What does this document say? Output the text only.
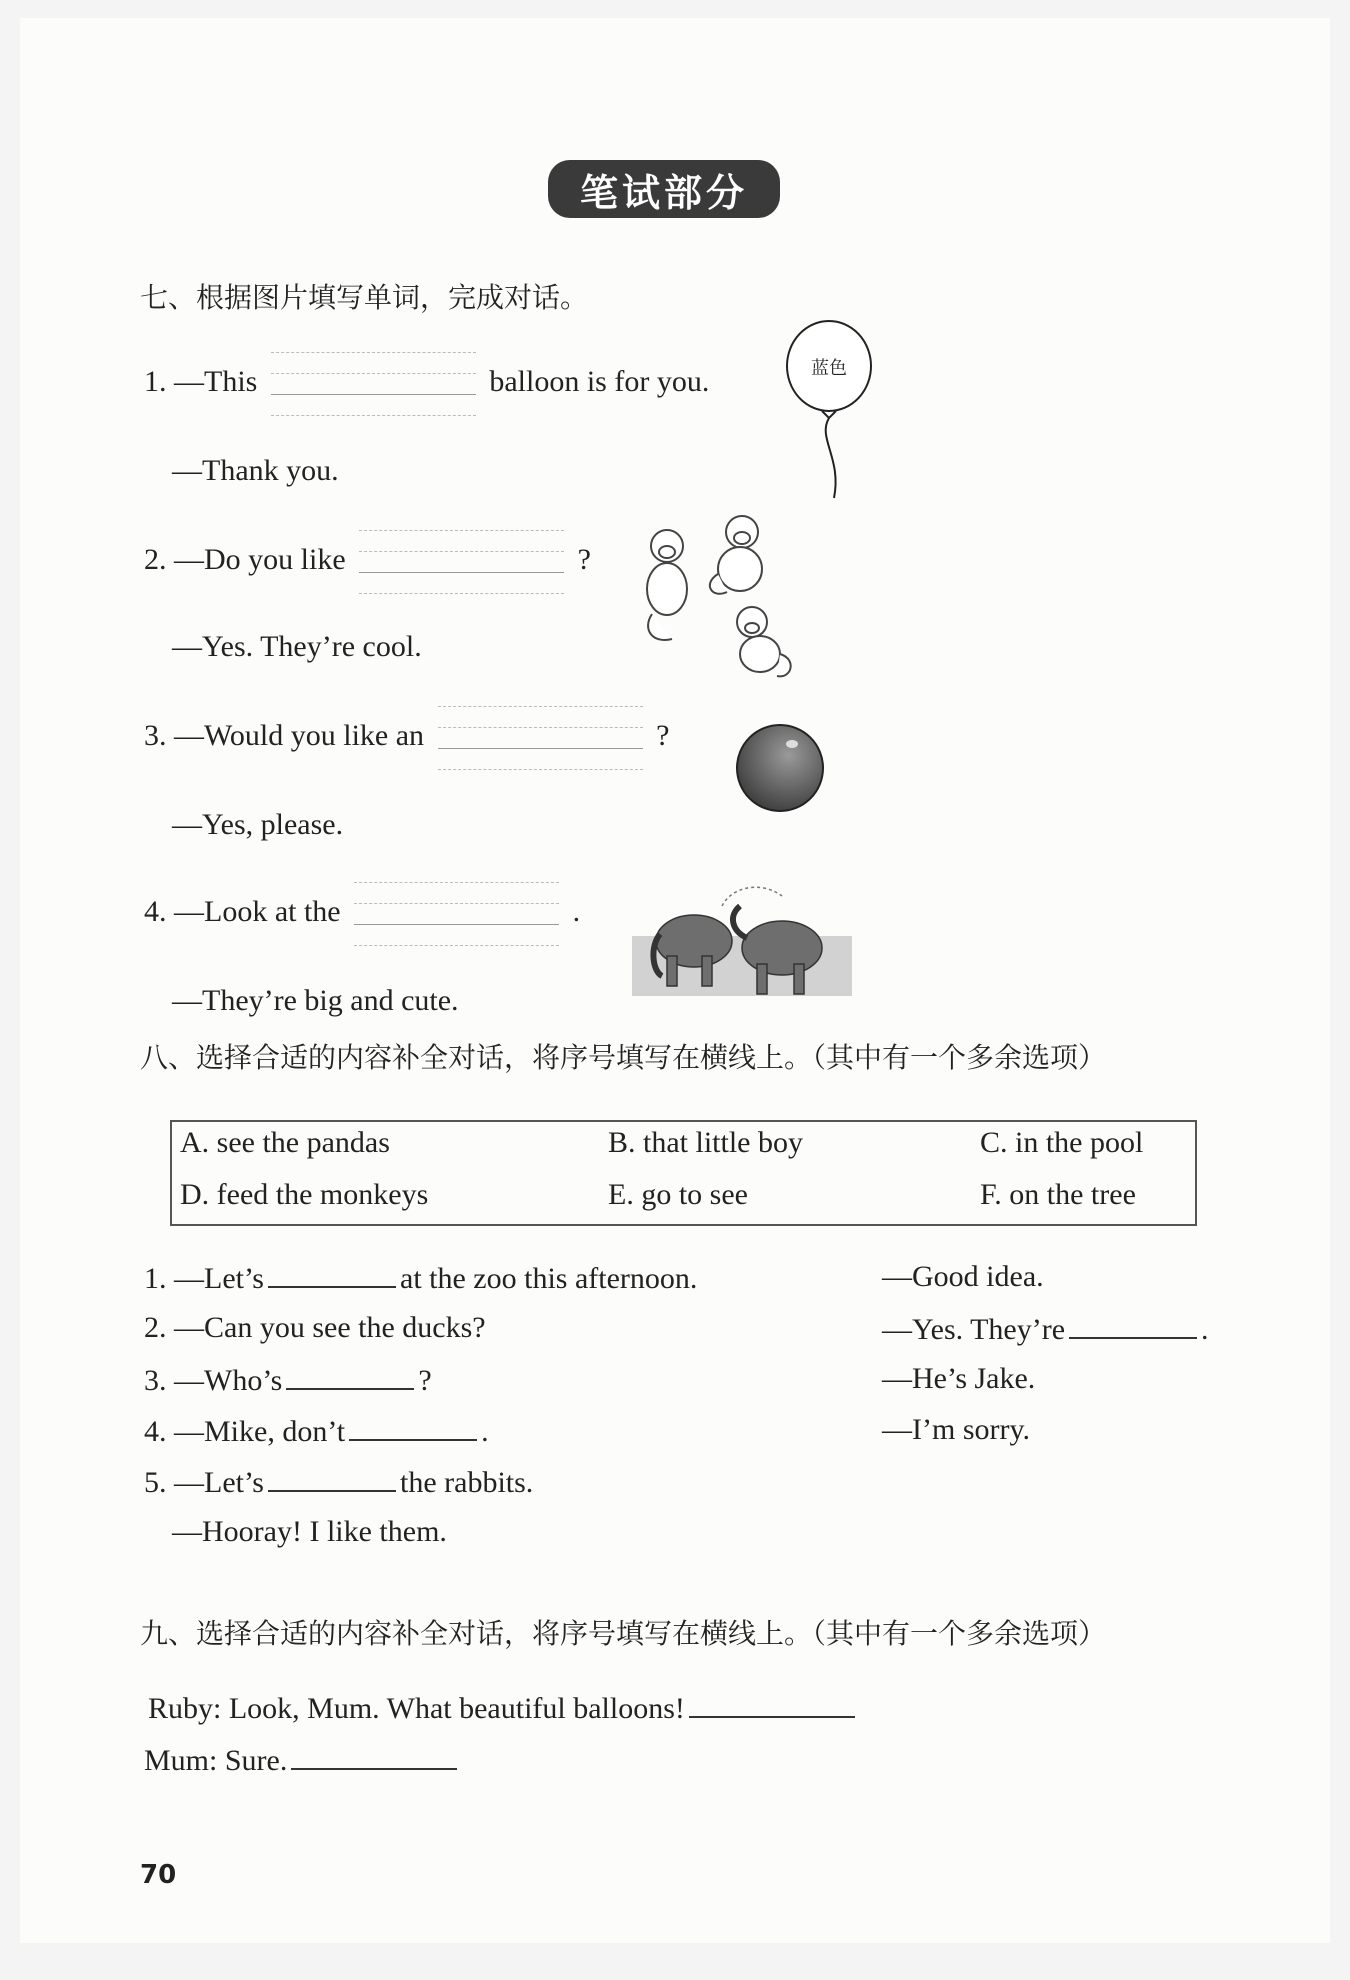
笔试部分
七、根据图片填写单词，完成对话。
1. —This	balloon is for you.
—Thank you.
蓝色
2. —Do you like	?
—Yes. They’re cool.
3. —Would you like an	?
—Yes, please.
4. —Look at the	.
—They’re big and cute.
八、选择合适的内容补全对话，将序号填写在横线上。（其中有一个多余选项）
A. see the pandas	B. that little boy	C. in the pool
D. feed the monkeys	E. go to see	F. on the tree
1. —Let’s	at the zoo this afternoon.	—Good idea.
2. —Can you see the ducks?	—Yes. They’re	.
3. —Who’s	?	—He’s Jake.
4. —Mike, don’t	.	—I’m sorry.
5. —Let’s	the rabbits.
—Hooray! I like them.
九、选择合适的内容补全对话，将序号填写在横线上。（其中有一个多余选项）
Ruby: Look, Mum. What beautiful balloons!
Mum: Sure.
70
